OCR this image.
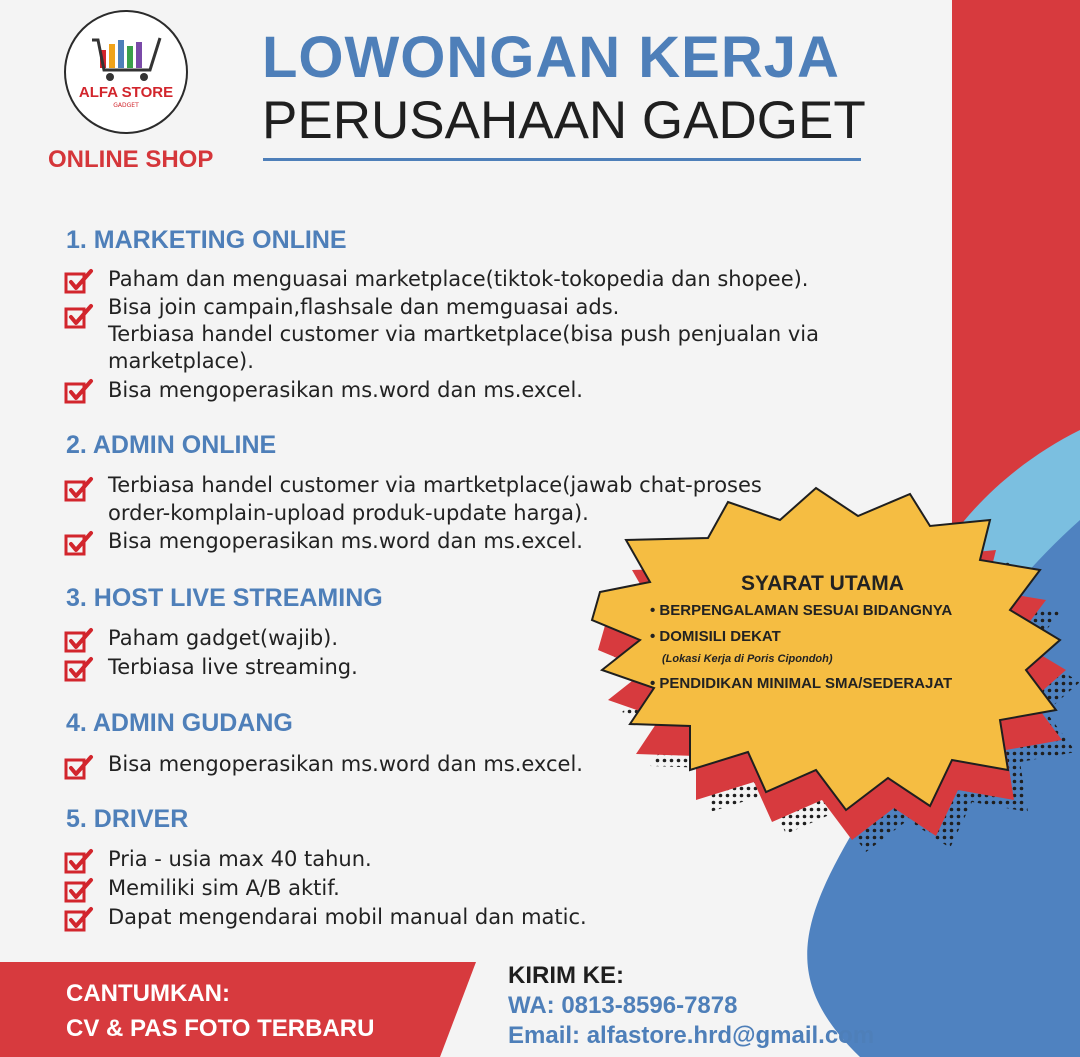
ALFA STORE
GADGET
ONLINE SHOP
LOWONGAN KERJA
PERUSAHAAN GADGET
1. MARKETING ONLINE
Paham dan menguasai marketplace(tiktok-tokopedia dan shopee).
Bisa join campain,flashsale dan memguasai ads.
Terbiasa handel customer via martketplace(bisa push penjualan via
marketplace).
Bisa mengoperasikan ms.word dan ms.excel.
2. ADMIN ONLINE
Terbiasa handel customer via martketplace(jawab chat-proses
order-komplain-upload produk-update harga).
Bisa mengoperasikan ms.word dan ms.excel.
3. HOST LIVE STREAMING
Paham gadget(wajib).
Terbiasa live streaming.
4. ADMIN GUDANG
Bisa mengoperasikan ms.word dan ms.excel.
5. DRIVER
Pria - usia max 40 tahun.
Memiliki sim A/B aktif.
Dapat mengendarai mobil manual dan matic.
SYARAT UTAMA
• BERPENGALAMAN SESUAI BIDANGNYA
• DOMISILI DEKAT
(Lokasi Kerja di Poris Cipondoh)
• PENDIDIKAN MINIMAL SMA/SEDERAJAT
CANTUMKAN:
CV & PAS FOTO TERBARU
KIRIM KE:
WA: 0813-8596-7878
Email: alfastore.hrd@gmail.com
